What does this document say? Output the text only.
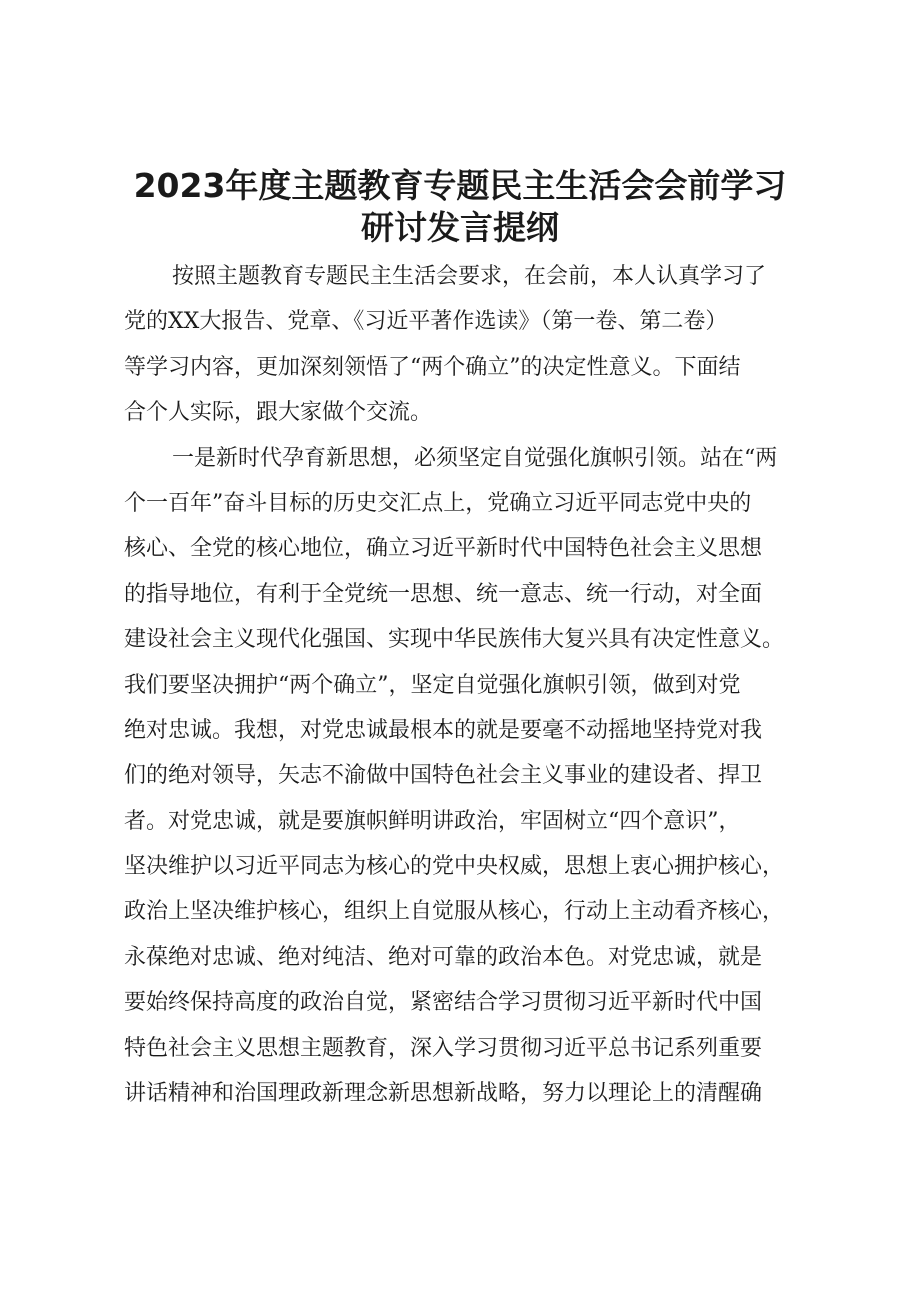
2023年度主题教育专题民主生活会会前学习
研讨发言提纲
按照主题教育专题民主生活会要求，在会前，本人认真学习了
党的XX大报告、党章、《习近平著作选读》（第一卷、第二卷）
等学习内容，更加深刻领悟了“两个确立”的决定性意义。下面结
合个人实际，跟大家做个交流。
一是新时代孕育新思想，必须坚定自觉强化旗帜引领。站在“两
个一百年”奋斗目标的历史交汇点上，党确立习近平同志党中央的
核心、全党的核心地位，确立习近平新时代中国特色社会主义思想
的指导地位，有利于全党统一思想、统一意志、统一行动，对全面
建设社会主义现代化强国、实现中华民族伟大复兴具有决定性意义。
我们要坚决拥护“两个确立”，坚定自觉强化旗帜引领，做到对党
绝对忠诚。我想，对党忠诚最根本的就是要毫不动摇地坚持党对我
们的绝对领导，矢志不渝做中国特色社会主义事业的建设者、捍卫
者。对党忠诚，就是要旗帜鲜明讲政治，牢固树立“四个意识”，
坚决维护以习近平同志为核心的党中央权威，思想上衷心拥护核心，
政治上坚决维护核心，组织上自觉服从核心，行动上主动看齐核心，
永葆绝对忠诚、绝对纯洁、绝对可靠的政治本色。对党忠诚，就是
要始终保持高度的政治自觉，紧密结合学习贯彻习近平新时代中国
特色社会主义思想主题教育，深入学习贯彻习近平总书记系列重要
讲话精神和治国理政新理念新思想新战略，努力以理论上的清醒确
